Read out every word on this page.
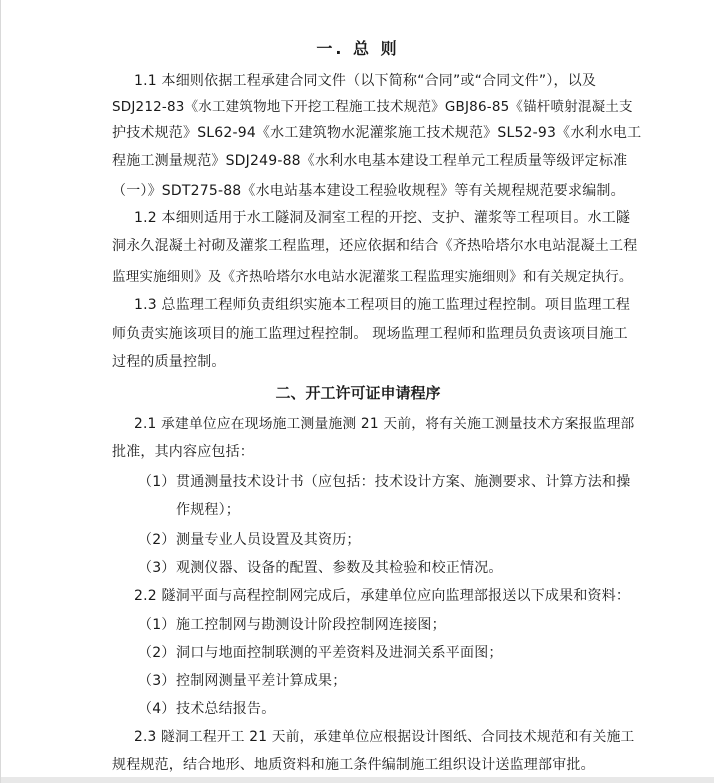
一. 总 则
1.1 本细则依据工程承建合同文件（以下简称“合同”或“合同文件”），以及
SDJ212-83《水工建筑物地下开挖工程施工技术规范》GBJ86-85《锚杆喷射混凝土支
护技术规范》SL62-94《水工建筑物水泥灌浆施工技术规范》SL52-93《水利水电工
程施工测量规范》SDJ249-88《水利水电基本建设工程单元工程质量等级评定标准
（一）》SDT275-88《水电站基本建设工程验收规程》等有关规程规范要求编制。
1.2 本细则适用于水工隧洞及洞室工程的开挖、支护、灌浆等工程项目。水工隧
洞永久混凝土衬砌及灌浆工程监理，还应依据和结合《齐热哈塔尔水电站混凝土工程
监理实施细则》及《齐热哈塔尔水电站水泥灌浆工程监理实施细则》和有关规定执行。
1.3 总监理工程师负责组织实施本工程项目的施工监理过程控制。项目监理工程
师负责实施该项目的施工监理过程控制。 现场监理工程师和监理员负责该项目施工
过程的质量控制。
二、开工许可证申请程序
2.1 承建单位应在现场施工测量施测 21 天前，将有关施工测量技术方案报监理部
批准，其内容应包括：
（1） 贯通测量技术设计书（应包括：技术设计方案、施测要求、计算方法和操
作规程）；
（2） 测量专业人员设置及其资历；
（3） 观测仪器、设备的配置、参数及其检验和校正情况。
2.2 隧洞平面与高程控制网完成后，承建单位应向监理部报送以下成果和资料：
（1） 施工控制网与勘测设计阶段控制网连接图；
（2） 洞口与地面控制联测的平差资料及进洞关系平面图；
（3） 控制网测量平差计算成果；
（4） 技术总结报告。
2.3 隧洞工程开工 21 天前，承建单位应根据设计图纸、合同技术规范和有关施工
规程规范，结合地形、地质资料和施工条件编制施工组织设计送监理部审批。
